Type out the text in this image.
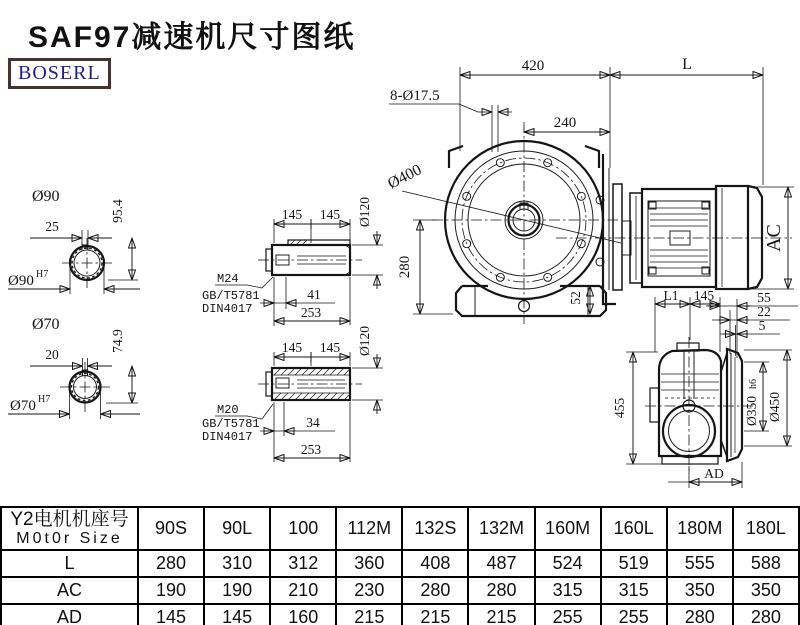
SAF97减速机尺寸图纸
BOSERL	420	L
240
8-Ø17.5
Ø400
280
52
AC
Ø90
25
95.4
Ø90 H7
Ø70
20
74.9
Ø70 H7
145 145 Ø120
M24
GB/T5781
DIN4017
41
253
145 145 Ø120
M20
GB/T5781
DIN4017
34
253
L1 145	55
22
5
455	Ø350
h6
Ø450
AD
Y2电机机座号
M0t0r Size	90S	90L	100	112M	132S	132M	160M	160L	180M	180L
L	280	310	312	360	408	487	524	519	555	588
AC	190	190	210	230	280	280	315	315	350	350
AD	145	145	160	215	215	215	255	255	280	280
